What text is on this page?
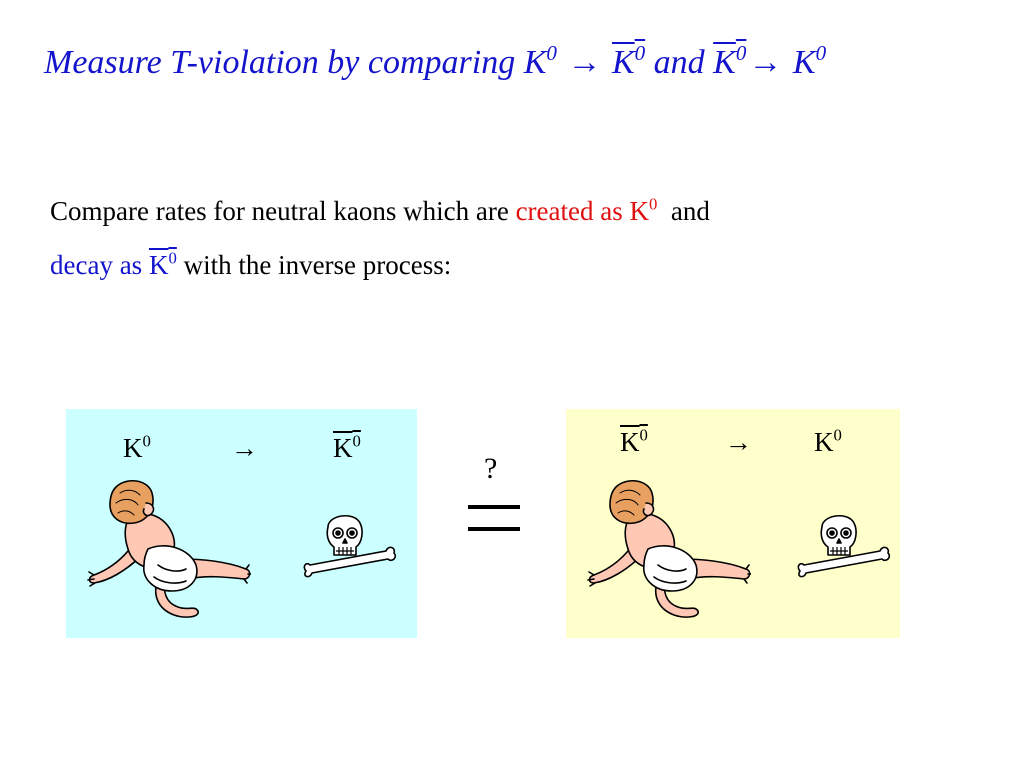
Measure T-violation by comparing $K^0 \to K^0$ and $K^0\to K^0$
Compare rates for neutral kaons which are created as $K^0$ and
decay as $K^0$ with the inverse process:
$K^0$	→	$K^0$
?
$K^0$	→ $K^0$
